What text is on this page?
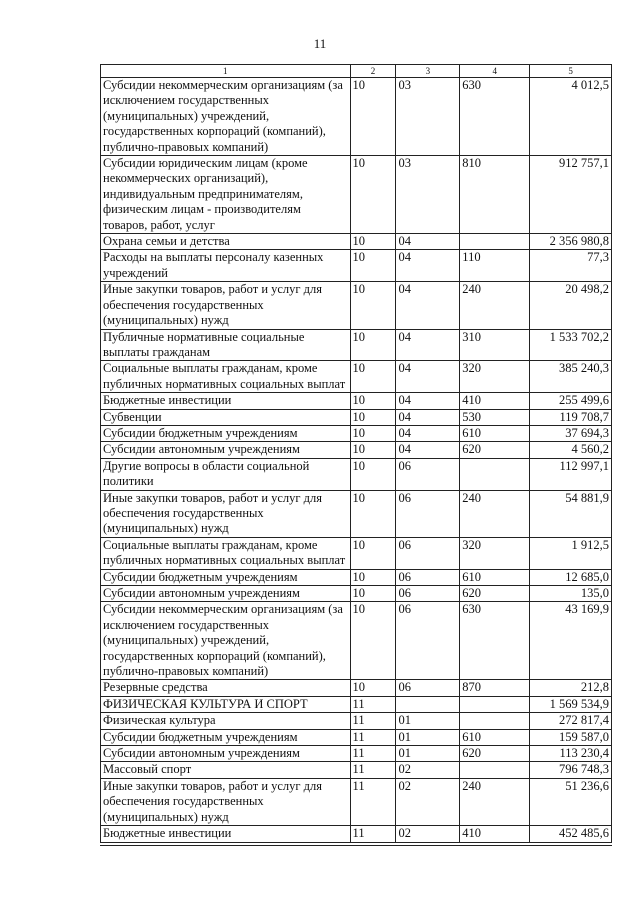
11
1	2	3	4	5
Субсидии некоммерческим организациям (за исключением государственных (муниципальных) учреждений, государственных корпораций (компаний), публично-правовых компаний)	10	03	630	4 012,5
Субсидии юридическим лицам (кроме некоммерческих организаций), индивидуальным предпринимателям, физическим лицам - производителям товаров, работ, услуг	10	03	810	912 757,1
Охрана семьи и детства	10	04		2 356 980,8
Расходы на выплаты персоналу казенных учреждений	10	04	110	77,3
Иные закупки товаров, работ и услуг для обеспечения государственных (муниципальных) нужд	10	04	240	20 498,2
Публичные нормативные социальные выплаты гражданам	10	04	310	1 533 702,2
Социальные выплаты гражданам, кроме публичных нормативных социальных выплат	10	04	320	385 240,3
Бюджетные инвестиции	10	04	410	255 499,6
Субвенции	10	04	530	119 708,7
Субсидии бюджетным учреждениям	10	04	610	37 694,3
Субсидии автономным учреждениям	10	04	620	4 560,2
Другие вопросы в области социальной политики	10	06		112 997,1
Иные закупки товаров, работ и услуг для обеспечения государственных (муниципальных) нужд	10	06	240	54 881,9
Социальные выплаты гражданам, кроме публичных нормативных социальных выплат	10	06	320	1 912,5
Субсидии бюджетным учреждениям	10	06	610	12 685,0
Субсидии автономным учреждениям	10	06	620	135,0
Субсидии некоммерческим организациям (за исключением государственных (муниципальных) учреждений, государственных корпораций (компаний), публично-правовых компаний)	10	06	630	43 169,9
Резервные средства	10	06	870	212,8
ФИЗИЧЕСКАЯ КУЛЬТУРА И СПОРТ	11			1 569 534,9
Физическая культура	11	01		272 817,4
Субсидии бюджетным учреждениям	11	01	610	159 587,0
Субсидии автономным учреждениям	11	01	620	113 230,4
Массовый спорт	11	02		796 748,3
Иные закупки товаров, работ и услуг для обеспечения государственных (муниципальных) нужд	11	02	240	51 236,6
Бюджетные инвестиции	11	02	410	452 485,6
